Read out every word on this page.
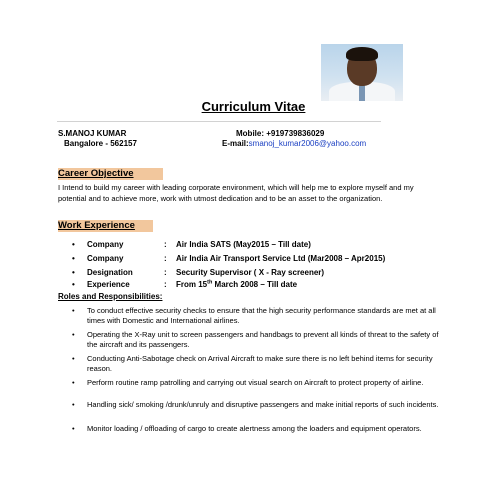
Curriculum Vitae
S.MANOJ KUMAR
Bangalore - 562157
Mobile: +919739836029
E-mail:smanoj_kumar2006@yahoo.com
Career Objective
I Intend to build my career with leading corporate environment, which will help me to explore myself and my potential and to achieve more, work with utmost dedication and to be an asset to the organization.
Work Experience
• Company	: Air India SATS (May2015 – Till date)
• Company	: Air India Air Transport Service Ltd (Mar2008 – Apr2015)
• Designation	: Security Supervisor ( X - Ray screener)
• Experience	: From 15th March 2008 – Till date
Roles and Responsibilities:
• To conduct effective security checks to ensure that the high security performance standards are met at all times with Domestic and International airlines.
• Operating the X-Ray unit to screen passengers and handbags to prevent all kinds of threat to the safety of the aircraft and its passengers.
• Conducting Anti-Sabotage check on Arrival Aircraft to make sure there is no left behind items for security reason.
• Perform routine ramp patrolling and carrying out visual search on Aircraft to protect property of airline.
• Handling sick/ smoking /drunk/unruly and disruptive passengers and make initial reports of such incidents.
• Monitor loading / offloading of cargo to create alertness among the loaders and equipment operators.
